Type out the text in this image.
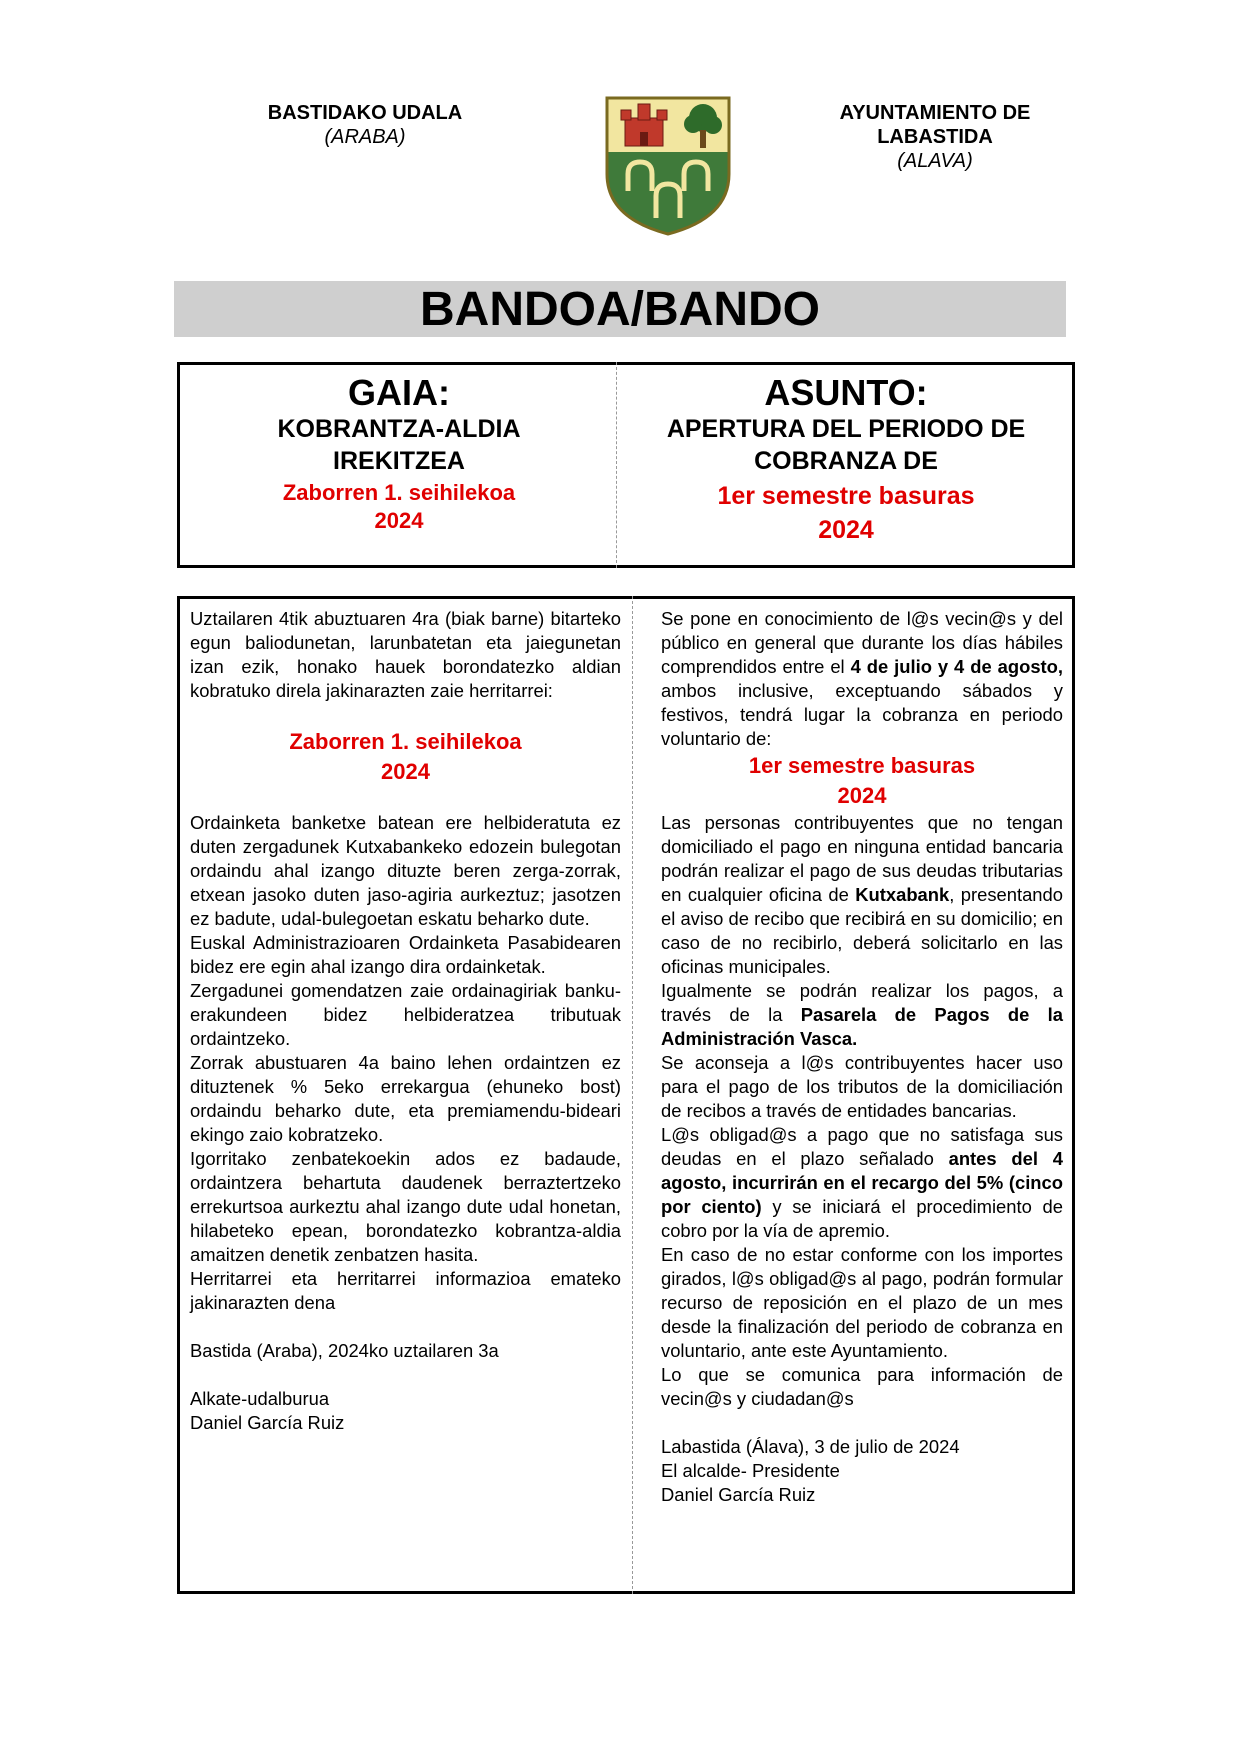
BASTIDAKO UDALA
(ARABA)
AYUNTAMIENTO DE
LABASTIDA
(ALAVA)
BANDOA/BANDO
GAIA:
KOBRANTZA-ALDIA
IREKITZEA
Zaborren 1. seihilekoa
2024
ASUNTO:
APERTURA DEL PERIODO DE
COBRANZA DE
1er semestre basuras
2024

Uztailaren 4tik abuztuaren 4ra (biak barne) bitarteko egun baliodunetan, larunbatetan eta jaiegunetan izan ezik, honako hauek borondatezko aldian kobratuko direla jakinarazten zaie herritarrei:

Zaborren 1. seihilekoa
2024

Ordainketa banketxe batean ere helbideratuta ez duten zergadunek Kutxabankeko edozein bulegotan ordaindu ahal izango dituzte beren zerga-zorrak, etxean jasoko duten jaso-agiria aurkeztuz; jasotzen ez badute, udal-bulegoetan eskatu beharko dute.

Euskal Administrazioaren Ordainketa Pasabidearen bidez ere egin ahal izango dira ordainketak.

Zergadunei gomendatzen zaie ordainagiriak banku-erakundeen bidez helbideratzea tributuak ordaintzeko.

Zorrak abustuaren 4a baino lehen ordaintzen ez dituztenek % 5eko errekargua (ehuneko bost) ordaindu beharko dute, eta premiamendu-bideari ekingo zaio kobratzeko.

Igorritako zenbatekoekin ados ez badaude, ordaintzera behartuta daudenek berraztertzeko errekurtsoa aurkeztu ahal izango dute udal honetan, hilabeteko epean, borondatezko kobrantza-aldia amaitzen denetik zenbatzen hasita.

Herritarrei eta herritarrei informazioa emateko jakinarazten dena

Bastida (Araba), 2024ko uztailaren 3a

Alkate-udalburua

Daniel García Ruiz

Se pone en conocimiento de l@s vecin@s y del público en general que durante los días hábiles comprendidos entre el 4 de julio y 4 de agosto, ambos inclusive, exceptuando sábados y festivos, tendrá lugar la cobranza en periodo voluntario de:

1er semestre basuras
2024

Las personas contribuyentes que no tengan domiciliado el pago en ninguna entidad bancaria podrán realizar el pago de sus deudas tributarias en cualquier oficina de Kutxabank, presentando el aviso de recibo que recibirá en su domicilio; en caso de no recibirlo, deberá solicitarlo en las oficinas municipales.

Igualmente se podrán realizar los pagos, a través de la Pasarela de Pagos de la Administración Vasca.

Se aconseja a l@s contribuyentes hacer uso para el pago de los tributos de la domiciliación de recibos a través de entidades bancarias.

L@s obligad@s a pago que no satisfaga sus deudas en el plazo señalado antes del 4 agosto, incurrirán en el recargo del 5% (cinco por ciento) y se iniciará el procedimiento de cobro por la vía de apremio.

En caso de no estar conforme con los importes girados, l@s obligad@s al pago, podrán formular recurso de reposición en el plazo de un mes desde la finalización del periodo de cobranza en voluntario, ante este Ayuntamiento.

Lo que se comunica para información de vecin@s y ciudadan@s

Labastida (Álava), 3 de julio de 2024

El alcalde- Presidente

Daniel García Ruiz
